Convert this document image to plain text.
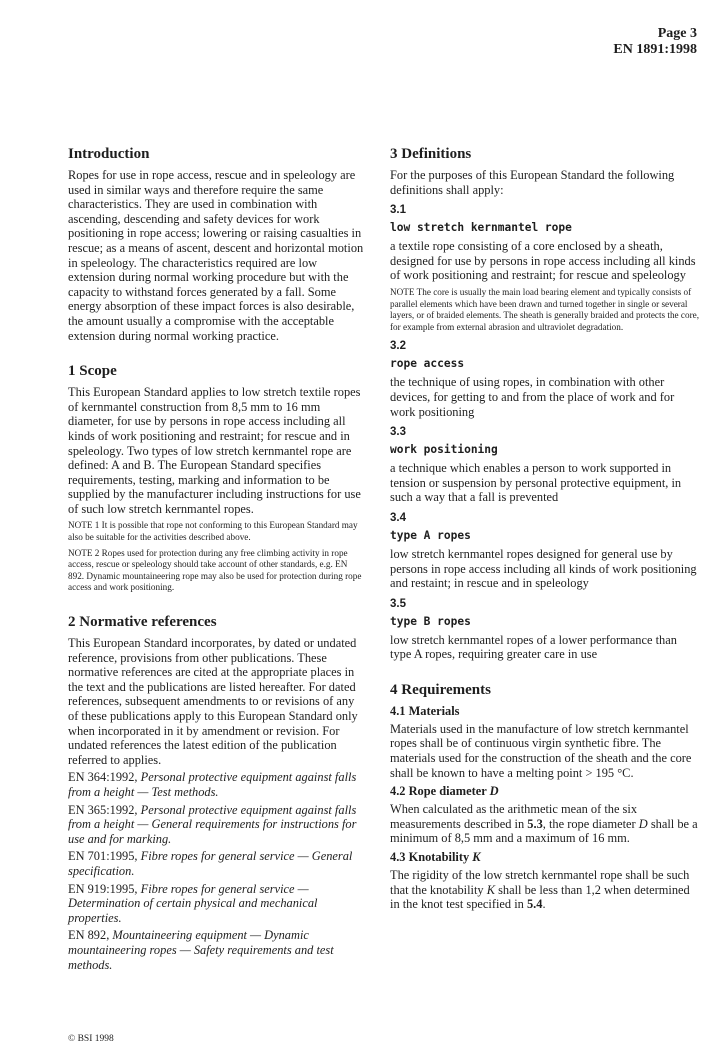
Page 3
EN 1891:1998
Introduction

Ropes for use in rope access, rescue and in speleology are used in similar ways and therefore require the same characteristics. They are used in combination with ascending, descending and safety devices for work positioning in rope access; lowering or raising casualties in rescue; as a means of ascent, descent and horizontal motion in speleology. The characteristics required are low extension during normal working procedure but with the capacity to withstand forces generated by a fall. Some energy absorption of these impact forces is also desirable, the amount usually a compromise with the acceptable extension during normal working practice.

1 Scope

This European Standard applies to low stretch textile ropes of kernmantel construction from 8,5 mm to 16 mm diameter, for use by persons in rope access including all kinds of work positioning and restraint; for rescue and in speleology. Two types of low stretch kernmantel rope are defined: A and B. The European Standard specifies requirements, testing, marking and information to be supplied by the manufacturer including instructions for use of such low stretch kernmantel ropes.

NOTE 1 It is possible that rope not conforming to this European Standard may also be suitable for the activities described above.

NOTE 2 Ropes used for protection during any free climbing activity in rope access, rescue or speleology should take account of other standards, e.g. EN 892. Dynamic mountaineering rope may also be used for protection during rope access and work positioning.

2 Normative references

This European Standard incorporates, by dated or undated reference, provisions from other publications. These normative references are cited at the appropriate places in the text and the publications are listed hereafter. For dated references, subsequent amendments to or revisions of any of these publications apply to this European Standard only when incorporated in it by amendment or revision. For undated references the latest edition of the publication referred to applies.

EN 364:1992, Personal protective equipment against falls from a height — Test methods.

EN 365:1992, Personal protective equipment against falls from a height — General requirements for instructions for use and for marking.

EN 701:1995, Fibre ropes for general service — General specification.

EN 919:1995, Fibre ropes for general service — Determination of certain physical and mechanical properties.

EN 892, Mountaineering equipment — Dynamic mountaineering ropes — Safety requirements and test methods.

3 Definitions

For the purposes of this European Standard the following definitions shall apply:

3.1
low stretch kernmantel rope

a textile rope consisting of a core enclosed by a sheath, designed for use by persons in rope access including all kinds of work positioning and restraint; for rescue and speleology

NOTE The core is usually the main load bearing element and typically consists of parallel elements which have been drawn and turned together in single or several layers, or of braided elements. The sheath is generally braided and protects the core, for example from external abrasion and ultraviolet degradation.

3.2
rope access

the technique of using ropes, in combination with other devices, for getting to and from the place of work and for work positioning

3.3
work positioning

a technique which enables a person to work supported in tension or suspension by personal protective equipment, in such a way that a fall is prevented

3.4
type A ropes

low stretch kernmantel ropes designed for general use by persons in rope access including all kinds of work positioning and restaint; in rescue and in speleology

3.5
type B ropes

low stretch kernmantel ropes of a lower performance than type A ropes, requiring greater care in use

4 Requirements
4.1 Materials

Materials used in the manufacture of low stretch kernmantel ropes shall be of continuous virgin synthetic fibre. The materials used for the construction of the sheath and the core shall be known to have a melting point > 195 °C.

4.2 Rope diameter D

When calculated as the arithmetic mean of the six measurements described in 5.3, the rope diameter D shall be a minimum of 8,5 mm and a maximum of 16 mm.

4.3 Knotability K

The rigidity of the low stretch kernmantel rope shall be such that the knotability K shall be less than 1,2 when determined in the knot test specified in 5.4.

© BSI 1998
